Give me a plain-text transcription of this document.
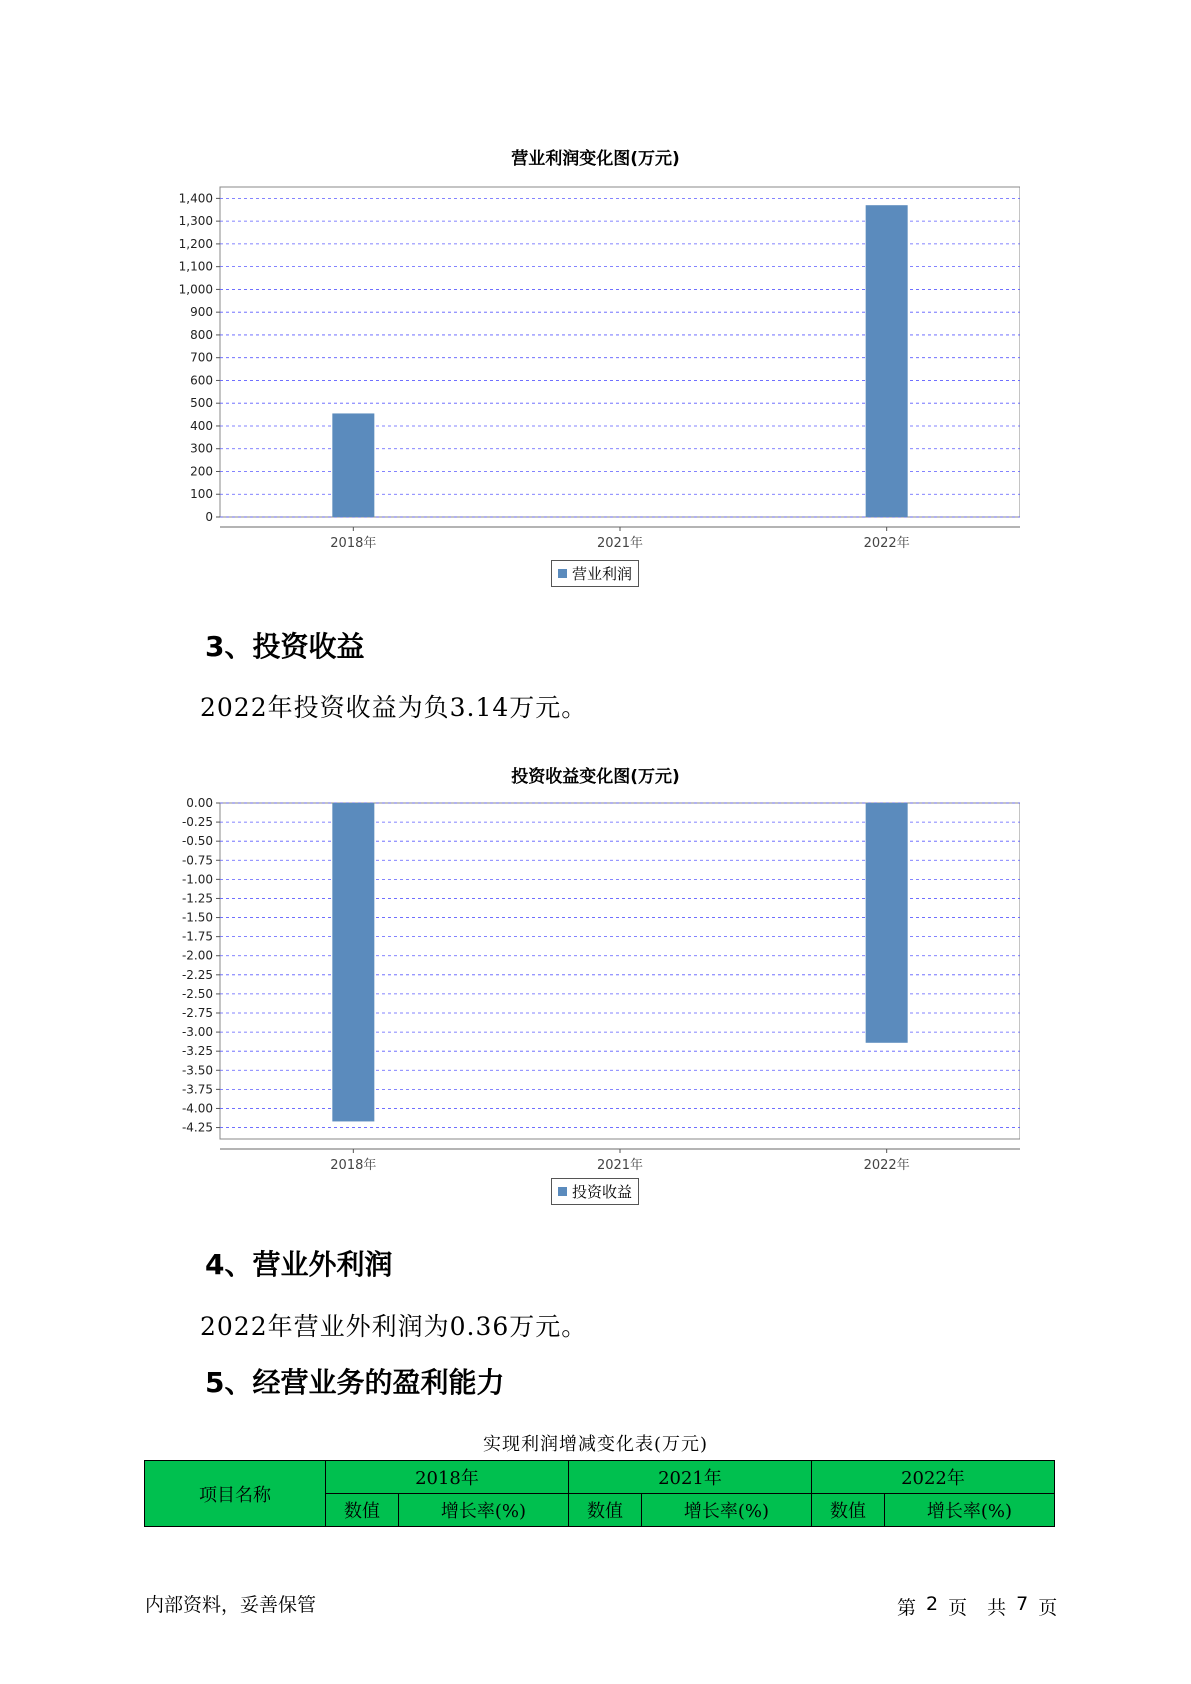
营业利润变化图(万元)
0
100
200
300
400
500
600
700
800
900
1,000
1,100
1,200
1,300
1,400
2018年	2021年	2022年
营业利润
3、投资收益
2022年投资收益为负3.14万元。
投资收益变化图(万元)
0.00
-0.25
-0.50
-0.75
-1.00
-1.25
-1.50
-1.75
-2.00
-2.25
-2.50
-2.75
-3.00
-3.25
-3.50
-3.75
-4.00
-4.25
2018年	2021年	2022年
投资收益
4、营业外利润
2022年营业外利润为0.36万元。
5、经营业务的盈利能力
实现利润增减变化表(万元)
项目名称	2018年		2021年		2022年	
	数值	增长率(%)	数值	增长率(%)	数值	增长率(%)
内部资料，妥善保管	第 2 页 共 7 页
